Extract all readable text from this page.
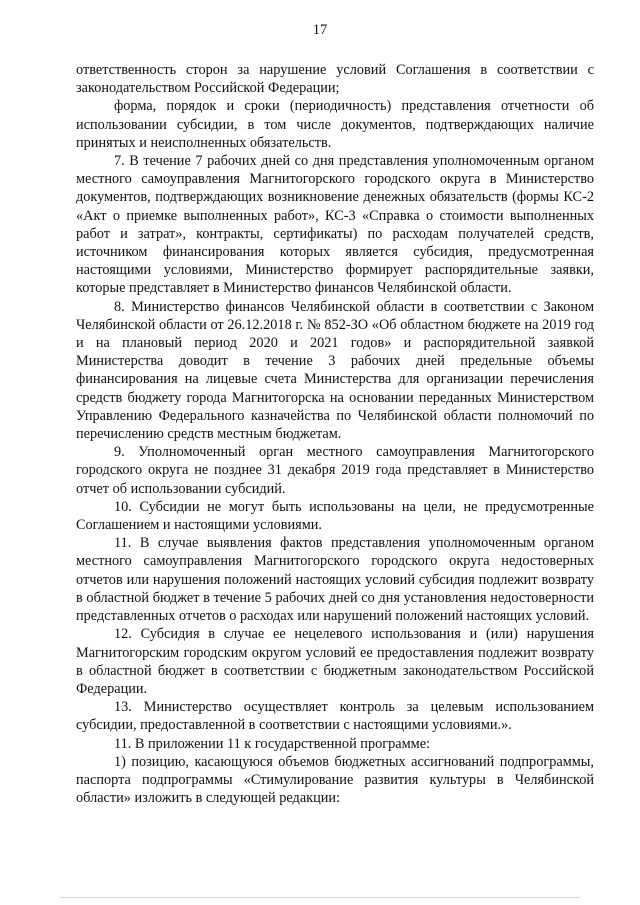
17

ответственность сторон за нарушение условий Соглашения в соответствии с законодательством Российской Федерации;

форма, порядок и сроки (периодичность) представления отчетности об использовании субсидии, в том числе документов, подтверждающих наличие принятых и неисполненных обязательств.

7. В течение 7 рабочих дней со дня представления уполномоченным органом местного самоуправления Магнитогорского городского округа в Министерство документов, подтверждающих возникновение денежных обязательств (формы КС-2 «Акт о приемке выполненных работ», КС-3 «Справка о стоимости выполненных работ и затрат», контракты, сертификаты) по расходам получателей средств, источником финансирования которых является субсидия, предусмотренная настоящими условиями, Министерство формирует распорядительные заявки, которые представляет в Министерство финансов Челябинской области.

8. Министерство финансов Челябинской области в соответствии с Законом Челябинской области от 26.12.2018 г. № 852-ЗО «Об областном бюджете на 2019 год и на плановый период 2020 и 2021 годов» и распорядительной заявкой Министерства доводит в течение 3 рабочих дней предельные объемы финансирования на лицевые счета Министерства для организации перечисления средств бюджету города Магнитогорска на основании переданных Министерством Управлению Федерального казначейства по Челябинской области полномочий по перечислению средств местным бюджетам.

9. Уполномоченный орган местного самоуправления Магнитогорского городского округа не позднее 31 декабря 2019 года представляет в Министерство отчет об использовании субсидий.

10. Субсидии не могут быть использованы на цели, не предусмотренные Соглашением и настоящими условиями.

11. В случае выявления фактов представления уполномоченным органом местного самоуправления Магнитогорского городского округа недостоверных отчетов или нарушения положений настоящих условий субсидия подлежит возврату в областной бюджет в течение 5 рабочих дней со дня установления недостоверности представленных отчетов о расходах или нарушений положений настоящих условий.

12. Субсидия в случае ее нецелевого использования и (или) нарушения Магнитогорским городским округом условий ее предоставления подлежит возврату в областной бюджет в соответствии с бюджетным законодательством Российской Федерации.

13. Министерство осуществляет контроль за целевым использованием субсидии, предоставленной в соответствии с настоящими условиями.».

11. В приложении 11 к государственной программе:

1) позицию, касающуюся объемов бюджетных ассигнований подпрограммы, паспорта подпрограммы «Стимулирование развития культуры в Челябинской области» изложить в следующей редакции:
